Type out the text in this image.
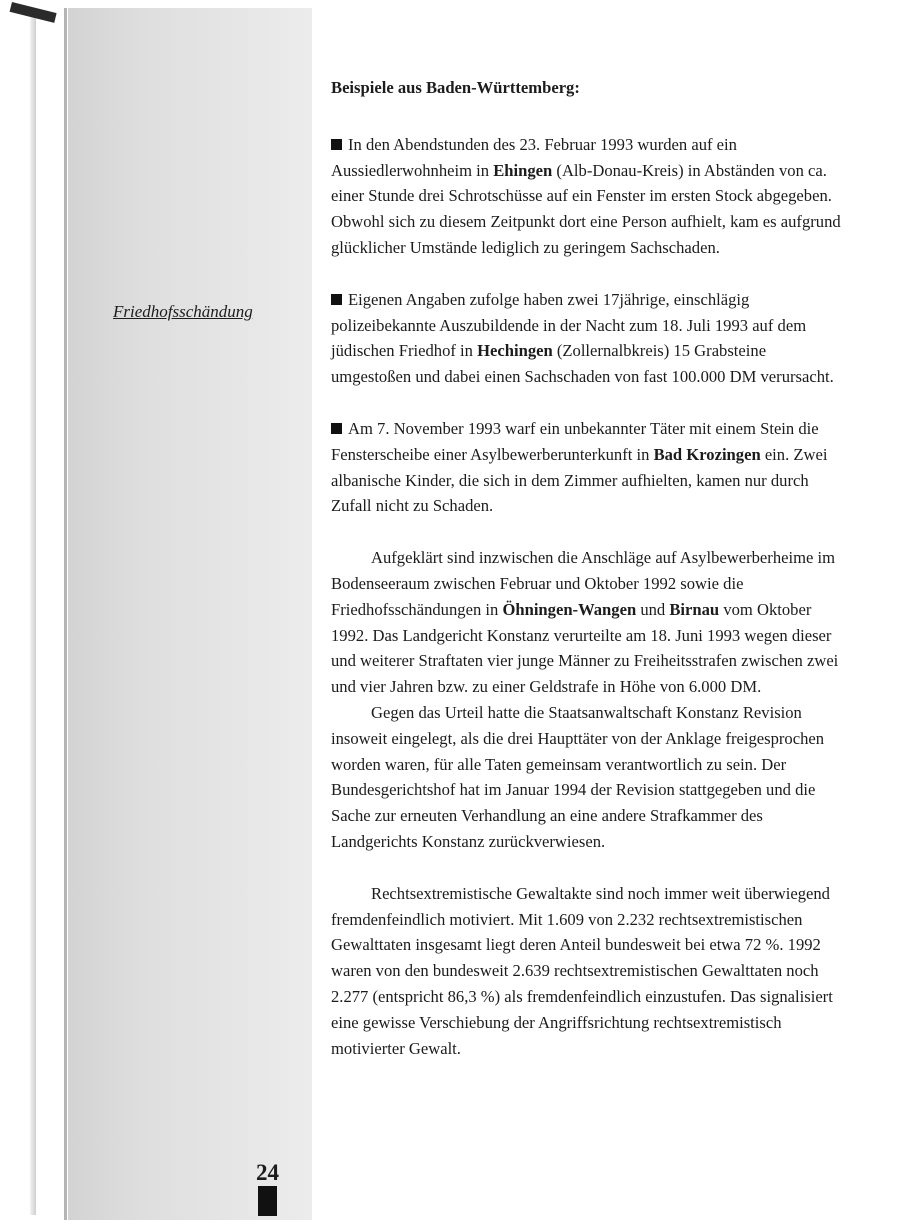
Friedhofsschändung

Beispiele aus Baden-Württemberg:

In den Abendstunden des 23. Februar 1993 wurden auf ein Aussiedlerwohnheim in Ehingen (Alb-Donau-Kreis) in Abständen von ca. einer Stunde drei Schrotschüsse auf ein Fenster im ersten Stock abgegeben. Obwohl sich zu diesem Zeitpunkt dort eine Person aufhielt, kam es aufgrund glücklicher Umstände lediglich zu geringem Sachschaden.

Eigenen Angaben zufolge haben zwei 17jährige, einschlägig polizeibekannte Auszubildende in der Nacht zum 18. Juli 1993 auf dem jüdischen Friedhof in Hechingen (Zollernalbkreis) 15 Grabsteine umgestoßen und dabei einen Sachschaden von fast 100.000 DM verursacht.

Am 7. November 1993 warf ein unbekannter Täter mit einem Stein die Fensterscheibe einer Asylbewerberunterkunft in Bad Krozingen ein. Zwei albanische Kinder, die sich in dem Zimmer aufhielten, kamen nur durch Zufall nicht zu Schaden.

Aufgeklärt sind inzwischen die Anschläge auf Asylbewerberheime im Bodenseeraum zwischen Februar und Oktober 1992 sowie die Friedhofsschändungen in Öhningen-Wangen und Birnau vom Oktober 1992. Das Landgericht Konstanz verurteilte am 18. Juni 1993 wegen dieser und weiterer Straftaten vier junge Männer zu Freiheitsstrafen zwischen zwei und vier Jahren bzw. zu einer Geldstrafe in Höhe von 6.000 DM.

Gegen das Urteil hatte die Staatsanwaltschaft Konstanz Revision insoweit eingelegt, als die drei Haupttäter von der Anklage freigesprochen worden waren, für alle Taten gemeinsam verantwortlich zu sein. Der Bundesgerichtshof hat im Januar 1994 der Revision stattgegeben und die Sache zur erneuten Verhandlung an eine andere Strafkammer des Landgerichts Konstanz zurückverwiesen.

Rechtsextremistische Gewaltakte sind noch immer weit überwiegend fremdenfeindlich motiviert. Mit 1.609 von 2.232 rechtsextremistischen Gewalttaten insgesamt liegt deren Anteil bundesweit bei etwa 72 %. 1992 waren von den bundesweit 2.639 rechtsextremistischen Gewalttaten noch 2.277 (entspricht 86,3 %) als fremdenfeindlich einzustufen. Das signalisiert eine gewisse Verschiebung der Angriffsrichtung rechtsextremistisch motivierter Gewalt.

24
